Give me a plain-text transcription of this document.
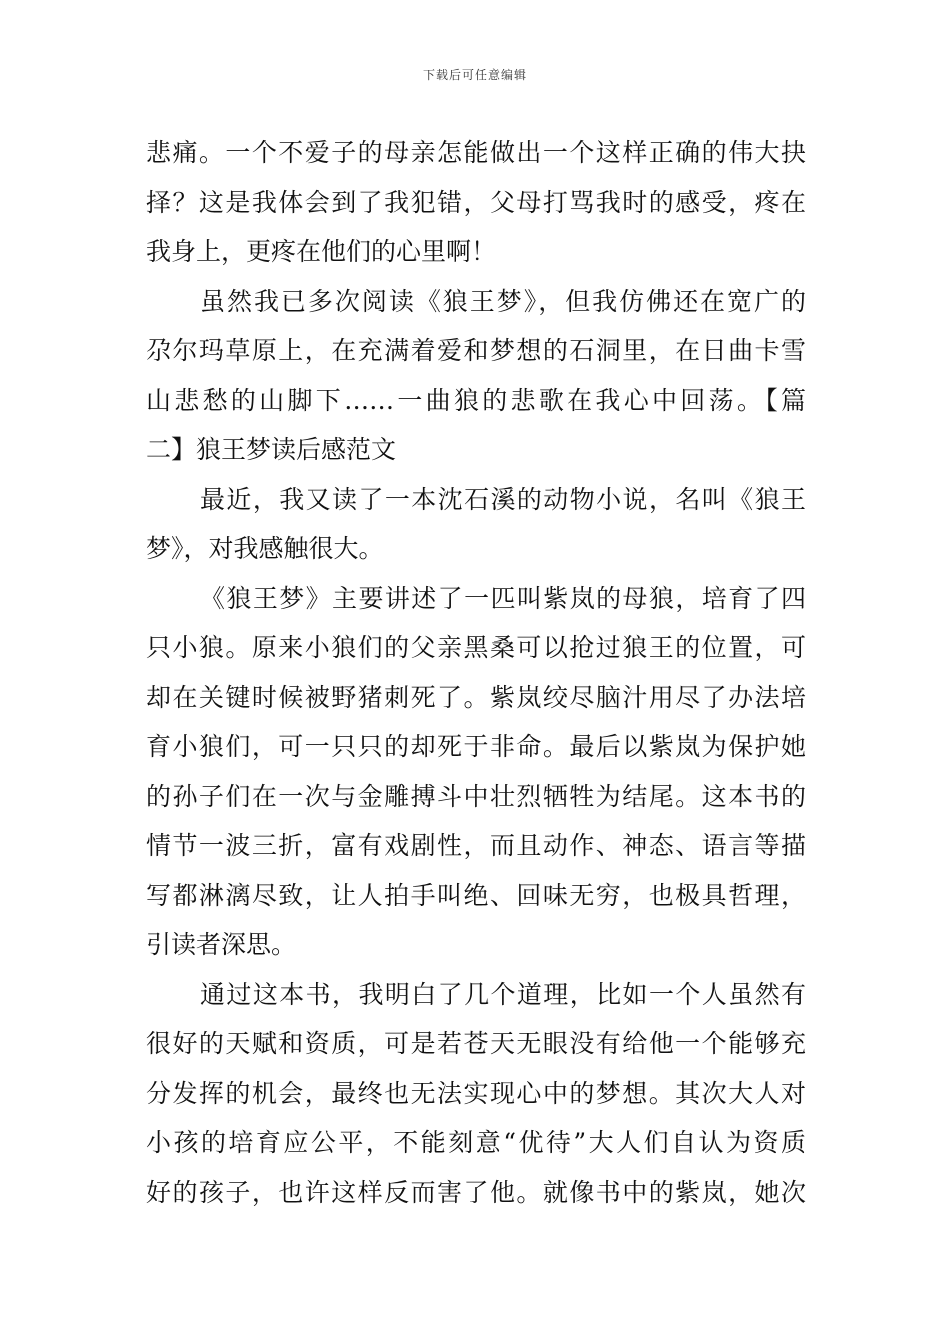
下载后可任意编辑
悲痛。一个不爱子的母亲怎能做出一个这样正确的伟大抉
择？这是我体会到了我犯错，父母打骂我时的感受，疼在
我身上，更疼在他们的心里啊！
虽然我已多次阅读《狼王梦》，但我仿佛还在宽广的
尕尔玛草原上，在充满着爱和梦想的石洞里，在日曲卡雪
山悲愁的山脚下……一曲狼的悲歌在我心中回荡。【篇
二】狼王梦读后感范文
最近，我又读了一本沈石溪的动物小说，名叫《狼王
梦》，对我感触很大。
《狼王梦》主要讲述了一匹叫紫岚的母狼，培育了四
只小狼。原来小狼们的父亲黑桑可以抢过狼王的位置，可
却在关键时候被野猪刺死了。紫岚绞尽脑汁用尽了办法培
育小狼们，可一只只的却死于非命。最后以紫岚为保护她
的孙子们在一次与金雕搏斗中壮烈牺牲为结尾。这本书的
情节一波三折，富有戏剧性，而且动作、神态、语言等描
写都淋漓尽致，让人拍手叫绝、回味无穷，也极具哲理，
引读者深思。
通过这本书，我明白了几个道理，比如一个人虽然有
很好的天赋和资质，可是若苍天无眼没有给他一个能够充
分发挥的机会，最终也无法实现心中的梦想。其次大人对
小孩的培育应公平，不能刻意“优待”大人们自认为资质
好的孩子，也许这样反而害了他。就像书中的紫岚，她次
